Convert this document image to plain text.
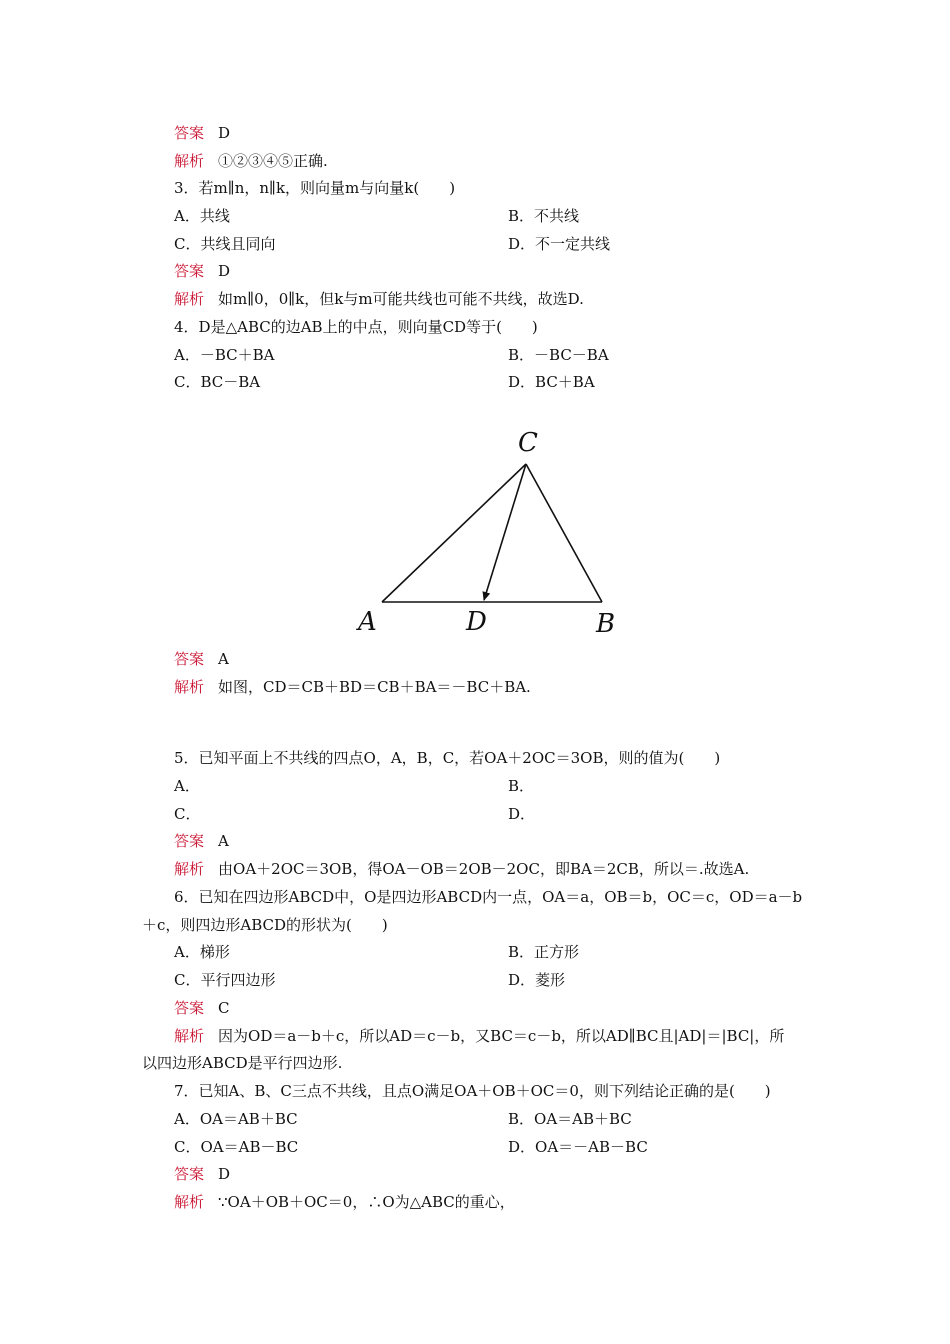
答案 D
解析 ①②③④⑤正确.
3．若m∥n，n∥k，则向量m与向量k(　　)
A．共线	B．不共线
C．共线且同向	D．不一定共线
答案 D
解析 如m∥0，0∥k，但k与m可能共线也可能不共线，故选D.
4．D是△ABC的边AB上的中点，则向量CD等于(　　)
A．－BC＋BA	B．－BC－BA
C．BC－BA	D．BC＋BA
C
A	D	B
答案 A
解析 如图，CD＝CB＋BD＝CB＋BA＝－BC＋BA.
5．已知平面上不共线的四点O，A，B，C，若OA＋2OC＝3OB，则的值为(　　)
A．	B．
C．	D．
答案 A
解析 由OA＋2OC＝3OB，得OA－OB＝2OB－2OC，即BA＝2CB，所以＝.故选A.
6．已知在四边形ABCD中，O是四边形ABCD内一点，OA＝a，OB＝b，OC＝c，OD＝a－b
＋c，则四边形ABCD的形状为(　　)
A．梯形	B．正方形
C．平行四边形	D．菱形
答案 C
解析 因为OD＝a－b＋c，所以AD＝c－b，又BC＝c－b，所以AD∥BC且|AD|＝|BC|，所
以四边形ABCD是平行四边形.
7．已知A、B、C三点不共线，且点O满足OA＋OB＋OC＝0，则下列结论正确的是(　　)
A．OA＝AB＋BC	B．OA＝AB＋BC
C．OA＝AB－BC	D．OA＝－AB－BC
答案 D
解析 ∵OA＋OB＋OC＝0，∴O为△ABC的重心，
